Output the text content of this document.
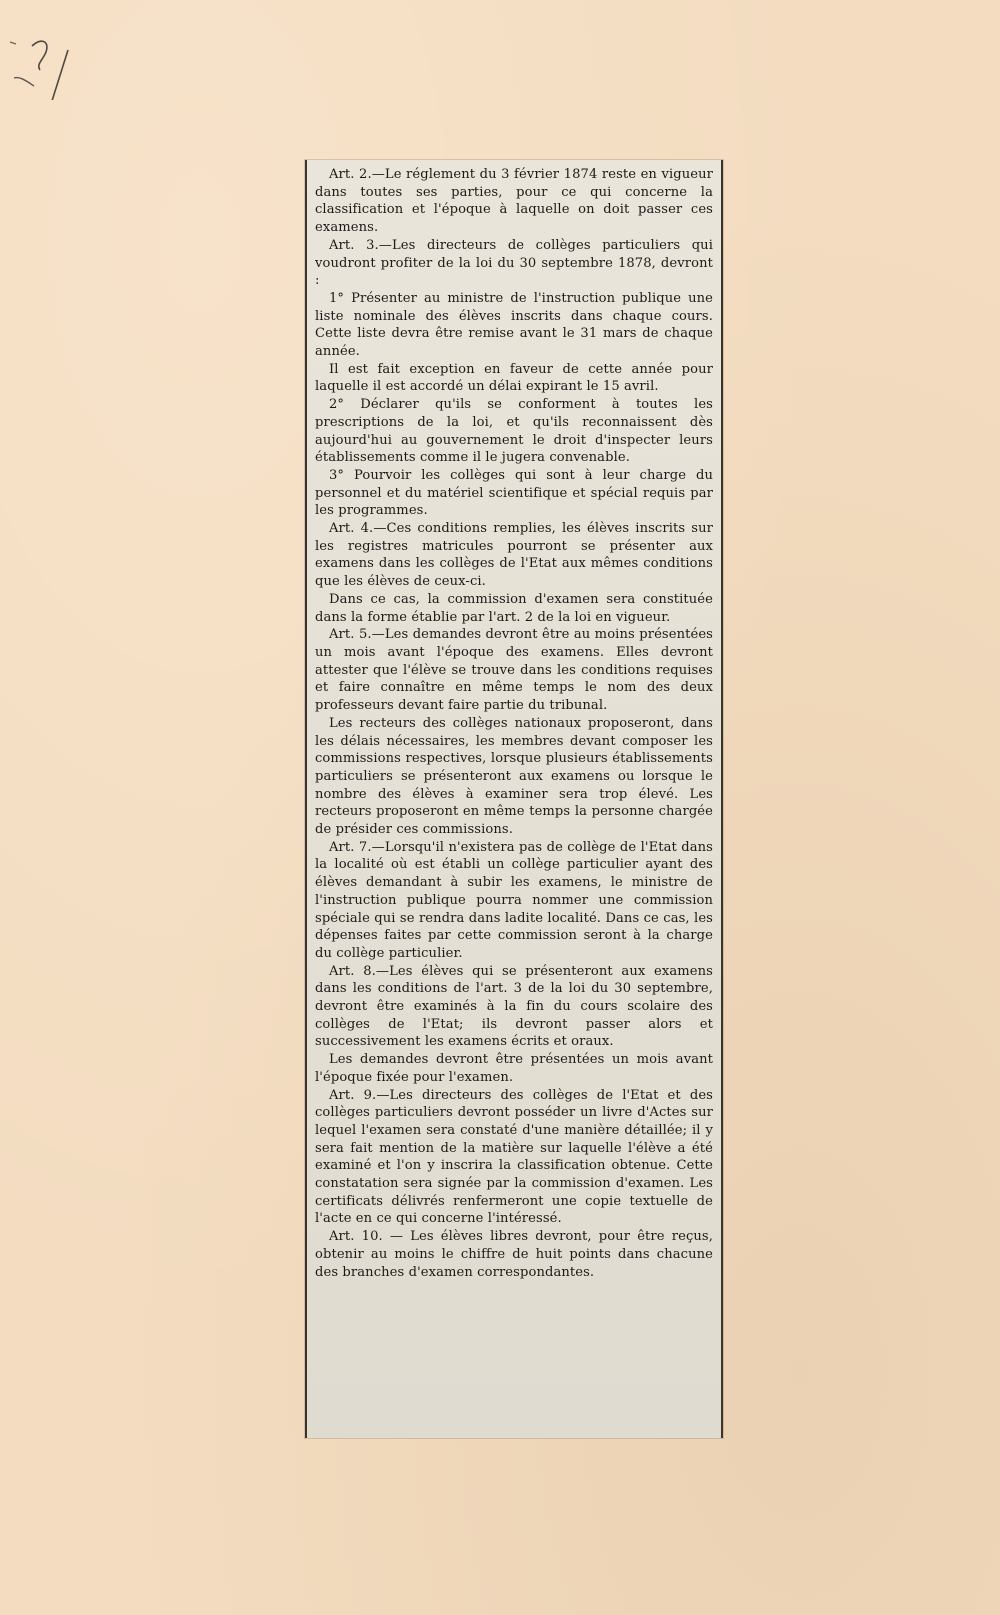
Art. 2.—Le réglement du 3 février 1874 reste en vigueur dans toutes ses parties, pour ce qui concerne la classification et l'époque à laquelle on doit passer ces examens.

Art. 3.—Les directeurs de collèges particuliers qui voudront profiter de la loi du 30 septembre 1878, devront :

1° Présenter au ministre de l'instruction publique une liste nominale des élèves inscrits dans chaque cours. Cette liste devra être remise avant le 31 mars de chaque année.

Il est fait exception en faveur de cette année pour laquelle il est accordé un délai expirant le 15 avril.

2° Déclarer qu'ils se conforment à toutes les prescriptions de la loi, et qu'ils reconnaissent dès aujourd'hui au gouvernement le droit d'inspecter leurs établissements comme il le jugera convenable.

3° Pourvoir les collèges qui sont à leur charge du personnel et du matériel scientifique et spécial requis par les programmes.

Art. 4.—Ces conditions remplies, les élèves inscrits sur les registres matricules pourront se présenter aux examens dans les collèges de l'Etat aux mêmes conditions que les élèves de ceux-ci.

Dans ce cas, la commission d'examen sera constituée dans la forme établie par l'art. 2 de la loi en vigueur.

Art. 5.—Les demandes devront être au moins présentées un mois avant l'époque des examens. Elles devront attester que l'élève se trouve dans les conditions requises et faire connaître en même temps le nom des deux professeurs devant faire partie du tribunal.

Les recteurs des collèges nationaux proposeront, dans les délais nécessaires, les membres devant composer les commissions respectives, lorsque plusieurs établissements particuliers se présenteront aux examens ou lorsque le nombre des élèves à examiner sera trop élevé. Les recteurs proposeront en même temps la personne chargée de présider ces commissions.

Art. 7.—Lorsqu'il n'existera pas de collège de l'Etat dans la localité où est établi un collège particulier ayant des élèves demandant à subir les examens, le ministre de l'instruction publique pourra nommer une commission spéciale qui se rendra dans ladite localité. Dans ce cas, les dépenses faites par cette commission seront à la charge du collège particulier.

Art. 8.—Les élèves qui se présenteront aux examens dans les conditions de l'art. 3 de la loi du 30 septembre, devront être examinés à la fin du cours scolaire des collèges de l'Etat; ils devront passer alors et successivement les examens écrits et oraux.

Les demandes devront être présentées un mois avant l'époque fixée pour l'examen.

Art. 9.—Les directeurs des collèges de l'Etat et des collèges particuliers devront posséder un livre d'Actes sur lequel l'examen sera constaté d'une manière détaillée; il y sera fait mention de la matière sur laquelle l'élève a été examiné et l'on y inscrira la classification obtenue. Cette constatation sera signée par la commission d'examen. Les certificats délivrés renfermeront une copie textuelle de l'acte en ce qui concerne l'intéressé.

Art. 10. — Les élèves libres devront, pour être reçus, obtenir au moins le chiffre de huit points dans chacune des branches d'examen correspondantes.
